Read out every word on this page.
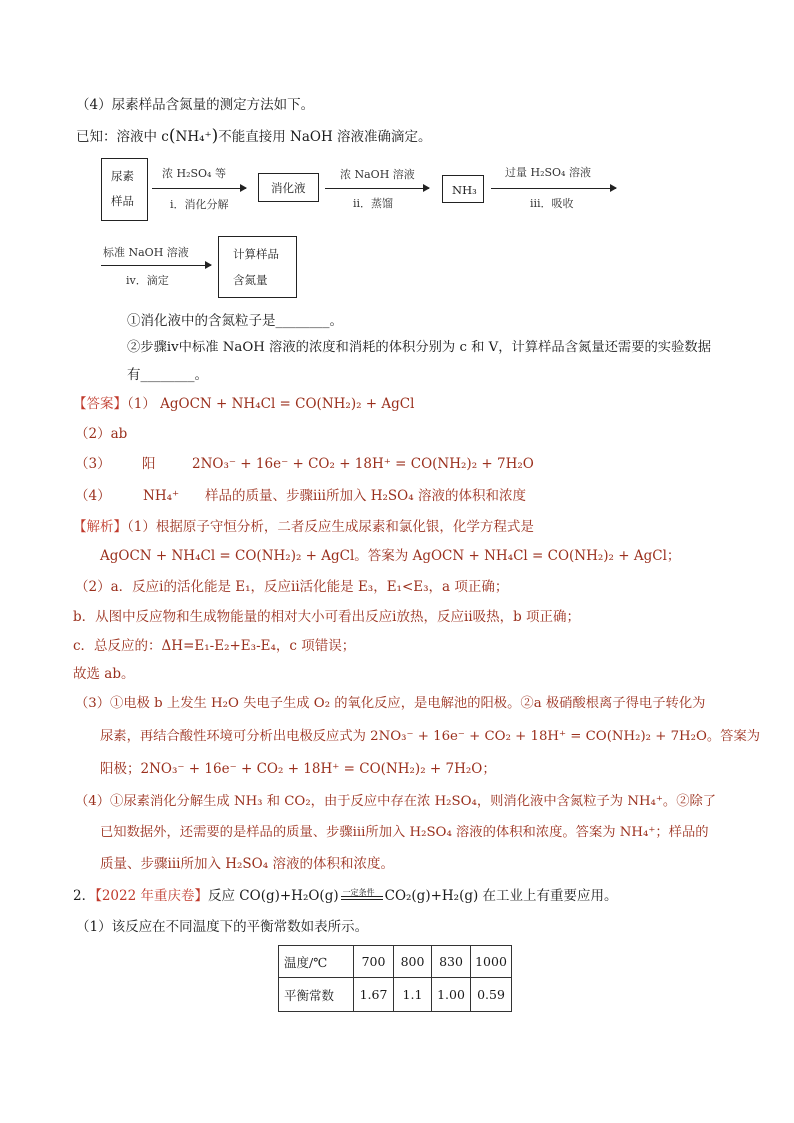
（4）尿素样品含氮量的测定方法如下。
已知：溶液中 c(NH₄⁺)不能直接用 NaOH 溶液准确滴定。
尿素
样品
浓 H₂SO₄ 等
ⅰ．消化分解
消化液
浓 NaOH 溶液
ⅱ．蒸馏
NH₃
过量 H₂SO₄ 溶液
ⅲ．吸收
标准 NaOH 溶液
ⅳ．滴定
计算样品
含氮量
①消化液中的含氮粒子是________。
②步骤ⅳ中标准 NaOH 溶液的浓度和消耗的体积分别为 c 和 V，计算样品含氮量还需要的实验数据
有________。
【答案】（1） AgOCN + NH₄Cl = CO(NH₂)₂ + AgCl
（2）ab
（3） 阳	2NO₃⁻ + 16e⁻ + CO₂ + 18H⁺ = CO(NH₂)₂ + 7H₂O
（4） NH₄⁺ 样品的质量、步骤ⅲ所加入 H₂SO₄ 溶液的体积和浓度
【解析】（1）根据原子守恒分析，二者反应生成尿素和氯化银，化学方程式是
AgOCN + NH₄Cl = CO(NH₂)₂ + AgCl。答案为 AgOCN + NH₄Cl = CO(NH₂)₂ + AgCl；
（2）a．反应ⅰ的活化能是 E₁，反应ⅱ活化能是 E₃，E₁<E₃，a 项正确；
b．从图中反应物和生成物能量的相对大小可看出反应ⅰ放热，反应ⅱ吸热，b 项正确；
c．总反应的：ΔH=E₁-E₂+E₃-E₄，c 项错误；
故选 ab。
（3）①电极 b 上发生 H₂O 失电子生成 O₂ 的氧化反应，是电解池的阳极。②a 极硝酸根离子得电子转化为
尿素，再结合酸性环境可分析出电极反应式为 2NO₃⁻ + 16e⁻ + CO₂ + 18H⁺ = CO(NH₂)₂ + 7H₂O。答案为
阳极；2NO₃⁻ + 16e⁻ + CO₂ + 18H⁺ = CO(NH₂)₂ + 7H₂O；
（4）①尿素消化分解生成 NH₃ 和 CO₂，由于反应中存在浓 H₂SO₄，则消化液中含氮粒子为 NH₄⁺。②除了
已知数据外，还需要的是样品的质量、步骤ⅲ所加入 H₂SO₄ 溶液的体积和浓度。答案为 NH₄⁺；样品的
质量、步骤ⅲ所加入 H₂SO₄ 溶液的体积和浓度。
2．【2022 年重庆卷】反应 CO(g)+H₂O(g) 一定条件 CO₂(g)+H₂(g) 在工业上有重要应用。
（1）该反应在不同温度下的平衡常数如表所示。
温度/℃	700	800	830	1000
平衡常数	1.67	1.1	1.00	0.59
